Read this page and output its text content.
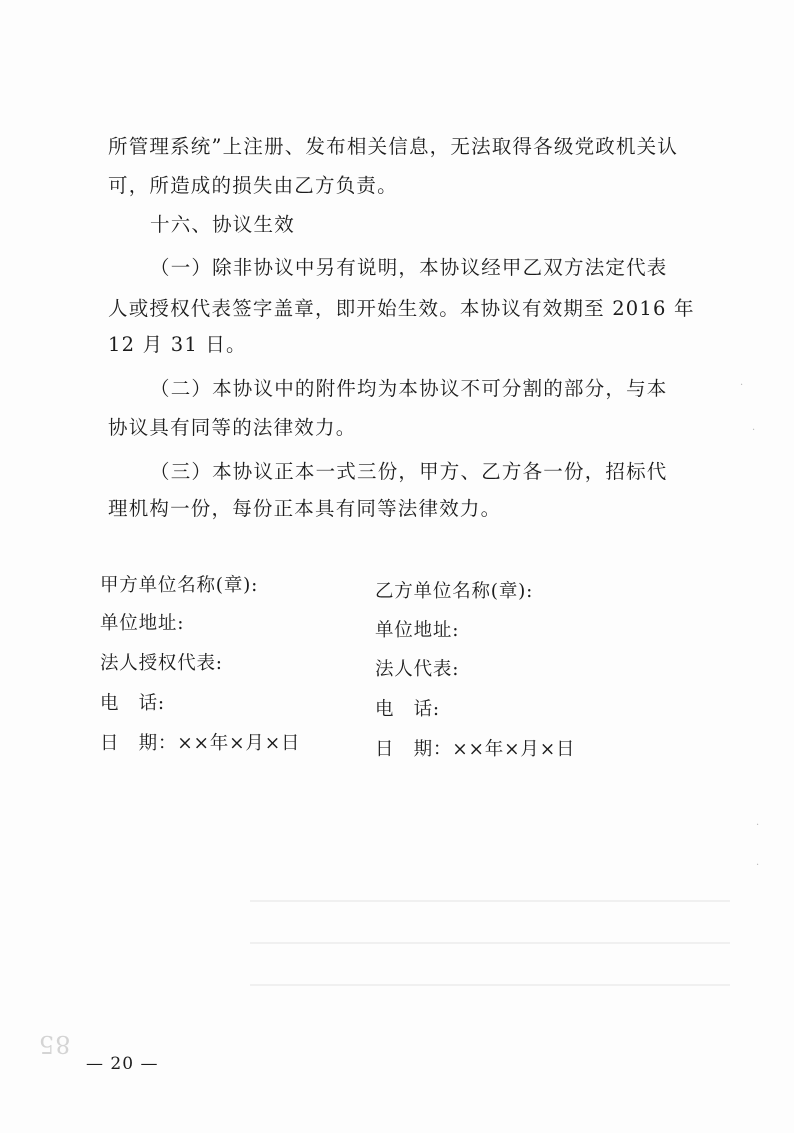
所管理系统”上注册、发布相关信息，无法取得各级党政机关认
可，所造成的损失由乙方负责。
十六、协议生效
（一）除非协议中另有说明，本协议经甲乙双方法定代表
人或授权代表签字盖章，即开始生效。本协议有效期至 2016 年
12 月 31 日。
（二）本协议中的附件均为本协议不可分割的部分，与本
协议具有同等的法律效力。
（三）本协议正本一式三份，甲方、乙方各一份，招标代
理机构一份，每份正本具有同等法律效力。
甲方单位名称(章):
单位地址:
法人授权代表:
电　话:
日　期：××年×月×日
乙方单位名称(章):
单位地址:
法人代表:
电　话:
日　期：××年×月×日
85
— 20 —
·
·
·
·
